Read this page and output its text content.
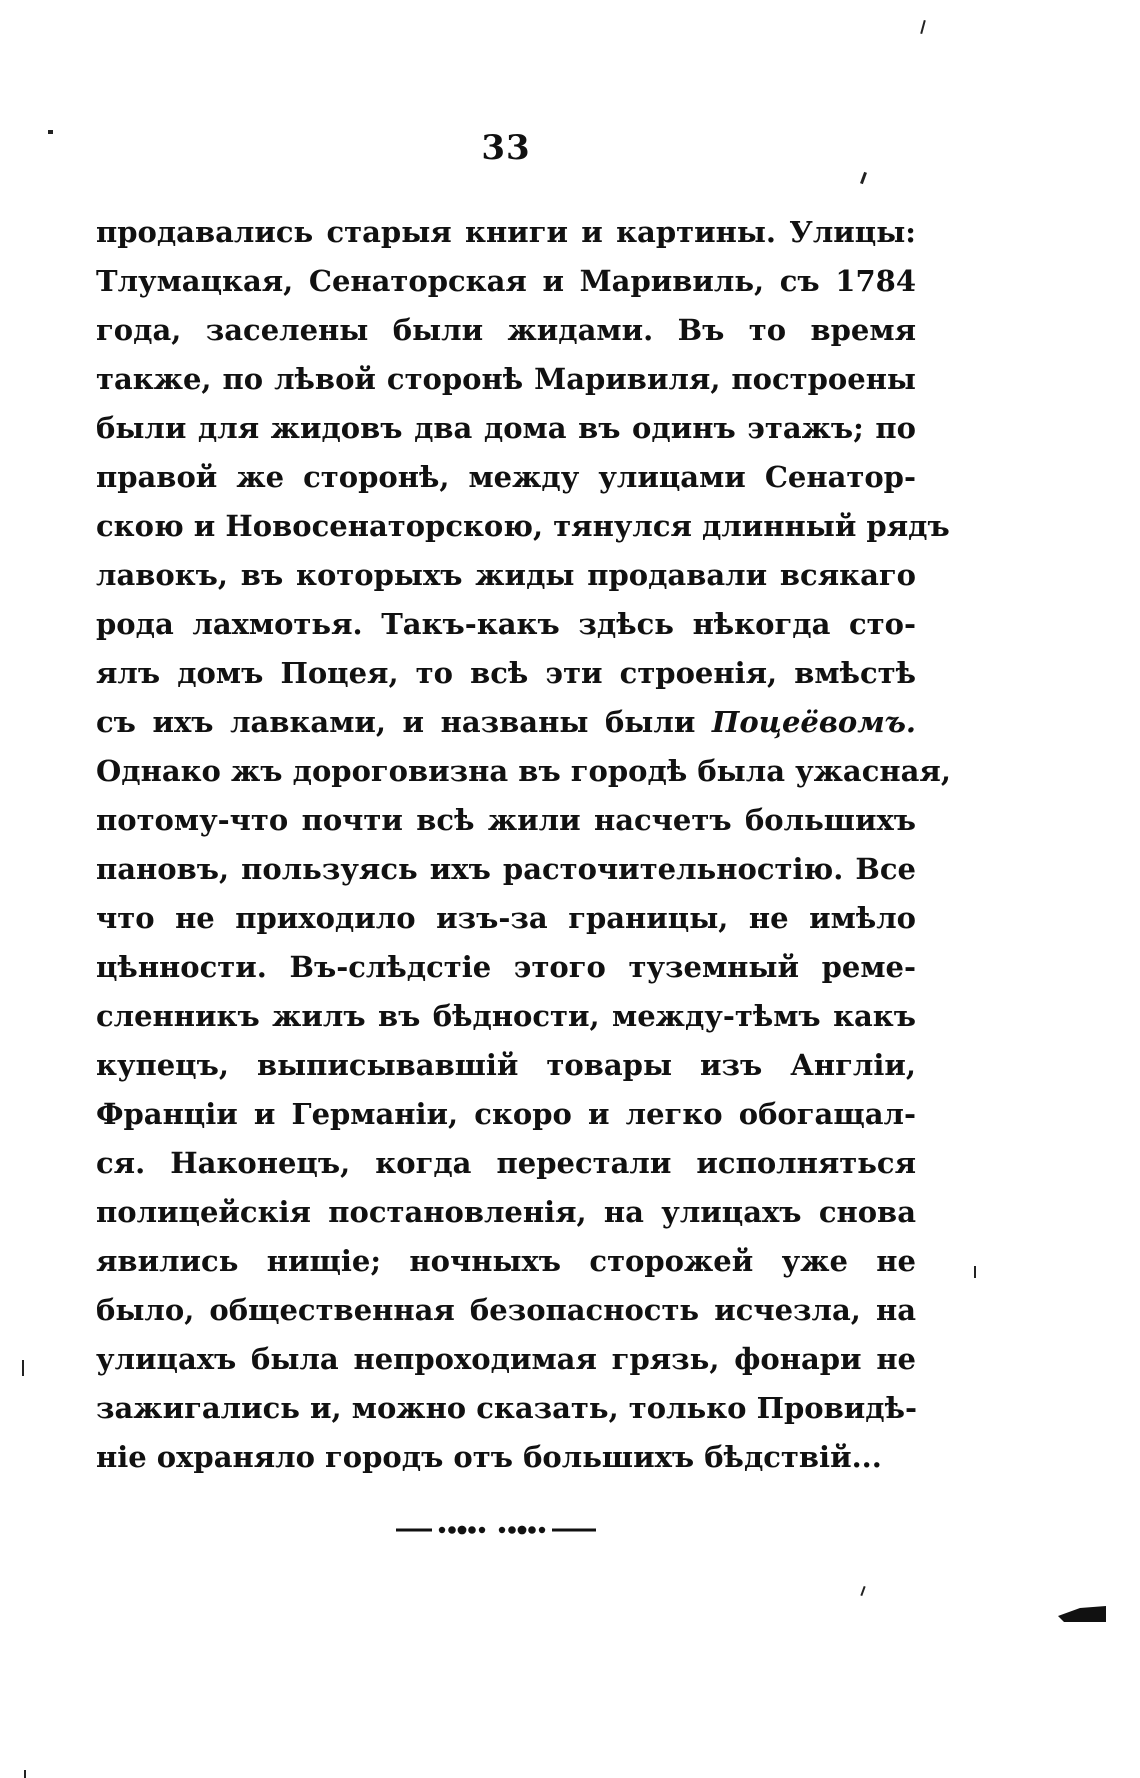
33
продавались старыя книги и картины. Улицы:
Тлумацкая, Сенаторская и Маривиль, съ 1784
года, заселены были жидами. Въ то время
также, по лѣвой сторонѣ Маривиля, построены
были для жидовъ два дома въ одинъ этажъ; по
правой же сторонѣ, между улицами Сенатор-
скою и Новосенаторскою, тянулся длинный рядъ
лавокъ, въ которыхъ жиды продавали всякаго
рода лахмотья. Такъ-какъ здѣсь нѣкогда сто-
ялъ домъ Поцея, то всѣ эти строенія, вмѣстѣ
съ ихъ лавками, и названы были Поцеёвомъ.
Однако жъ дороговизна въ городѣ была ужасная,
потому-что почти всѣ жили насчетъ большихъ
пановъ, пользуясь ихъ расточительностію. Все
что не приходило изъ-за границы, не имѣло
цѣнности. Въ-слѣдстіе этого туземный реме-
сленникъ жилъ въ бѣдности, между-тѣмъ какъ
купецъ, выписывавшій товары изъ Англіи,
Франціи и Германіи, скоро и легко обогащал-
ся. Наконецъ, когда перестали исполняться
полицейскія постановленія, на улицахъ снова
явились нищіе; ночныхъ сторожей уже не
было, общественная безопасность исчезла, на
улицахъ была непроходимая грязь, фонари не
зажигались и, можно сказать, только Провидѣ-
ніе охраняло городъ отъ большихъ бѣдствій...
